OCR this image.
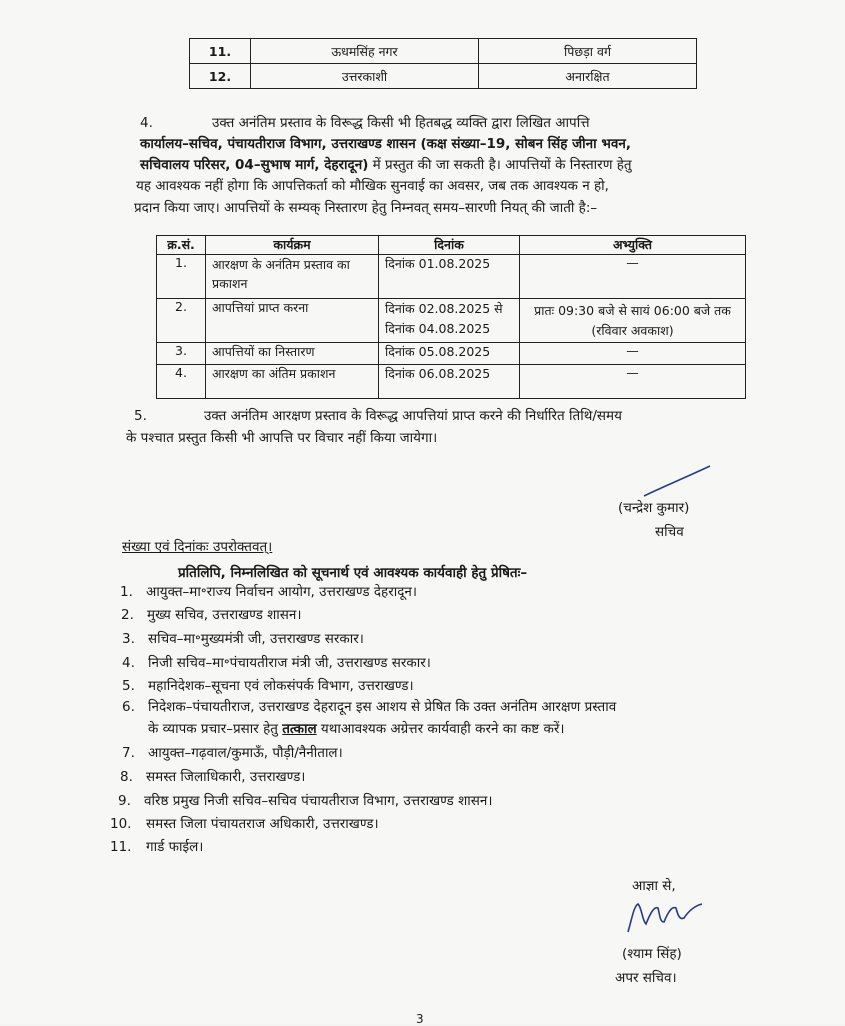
11.	ऊधमसिंह नगर	पिछड़ा वर्ग
12.	उत्तरकाशी	अनारक्षित
4.	उक्त अनंतिम प्रस्ताव के विरूद्ध किसी भी हितबद्ध व्यक्ति द्वारा लिखित आपत्ति
कार्यालय–सचिव, पंचायतीराज विभाग, उत्तराखण्ड शासन (कक्ष संख्या–19, सोबन सिंह जीना भवन,
सचिवालय परिसर, 04–सुभाष मार्ग, देहरादून) में प्रस्तुत की जा सकती है। आपत्तियों के निस्तारण हेतु
यह आवश्यक नहीं होगा कि आपत्तिकर्ता को मौखिक सुनवाई का अवसर, जब तक आवश्यक न हो,
प्रदान किया जाए। आपत्तियों के सम्यक् निस्तारण हेतु निम्नवत् समय–सारणी नियत् की जाती है:–
क्र.सं.	कार्यक्रम	दिनांक	अभ्युक्ति
1.	आरक्षण के अनंतिम प्रस्ताव का प्रकाशन	दिनांक 01.08.2025	—
2.	आपत्तियां प्राप्त करना	दिनांक 02.08.2025 से दिनांक 04.08.2025	प्रातः 09:30 बजे से सायं 06:00 बजे तक (रविवार अवकाश)
3.	आपत्तियों का निस्तारण	दिनांक 05.08.2025	—
4.	आरक्षण का अंतिम प्रकाशन	दिनांक 06.08.2025	—
5.	उक्त अनंतिम आरक्षण प्रस्ताव के विरूद्ध आपत्तियां प्राप्त करने की निर्धारित तिथि/समय
के पश्चात प्रस्तुत किसी भी आपत्ति पर विचार नहीं किया जायेगा।
(चन्द्रेश कुमार)
सचिव
संख्या एवं दिनांकः उपरोक्तवत्।
प्रतिलिपि, निम्नलिखित को सूचनार्थ एवं आवश्यक कार्यवाही हेतु प्रेषितः–
1. आयुक्त–मा॰राज्य निर्वाचन आयोग, उत्तराखण्ड देहरादून।
2. मुख्य सचिव, उत्तराखण्ड शासन।
3. सचिव–मा॰मुख्यमंत्री जी, उत्तराखण्ड सरकार।
4. निजी सचिव–मा॰पंचायतीराज मंत्री जी, उत्तराखण्ड सरकार।
5. महानिदेशक–सूचना एवं लोकसंपर्क विभाग, उत्तराखण्ड।
6. निदेशक–पंचायतीराज, उत्तराखण्ड देहरादून इस आशय से प्रेषित कि उक्त अनंतिम आरक्षण प्रस्ताव
के व्यापक प्रचार–प्रसार हेतु तत्काल यथाआवश्यक अग्रेत्तर कार्यवाही करने का कष्ट करें।
7. आयुक्त–गढ़वाल/कुमाऊँ, पौड़ी/नैनीताल।
8. समस्त जिलाधिकारी, उत्तराखण्ड।
9. वरिष्ठ प्रमुख निजी सचिव–सचिव पंचायतीराज विभाग, उत्तराखण्ड शासन।
10. समस्त जिला पंचायतराज अधिकारी, उत्तराखण्ड।
11. गार्ड फाईल।
आज्ञा से,
(श्याम सिंह)
अपर सचिव।
3
